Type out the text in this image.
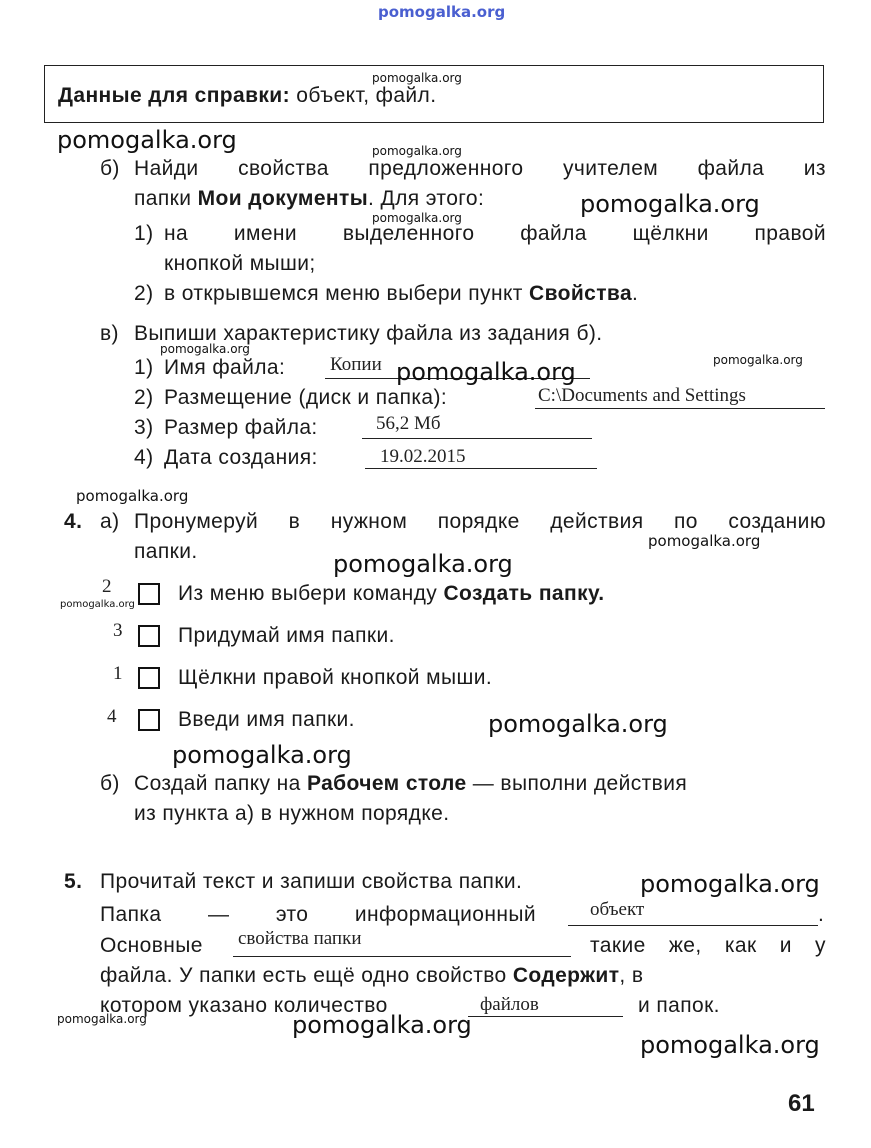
pomogalka.org
Данные для справки: объект, файл.
pomogalka.org
pomogalka.org	pomogalka.org
б) Найди свойства предложенного учителем файла из
папки Мои документы. Для этого:	pomogalka.org
pomogalka.org
1) на имени выделенного файла щёлкни правой
кнопкой мыши;
2) в открывшемся меню выбери пункт Свойства.
в) Выпиши характеристику файла из задания б).
pomogalka.org
pomogalka.org
1) Имя файла: Копии pomogalka.org
2) Размещение (диск и папка):	C:\Documents and Settings
3) Размер файла:	56,2 Мб
4) Дата создания:	19.02.2015
pomogalka.org
4. а) Пронумеруй в нужном порядке действия по созданию
папки.	pomogalka.org
pomogalka.org
2	Из меню выбери команду Создать папку.
pomogalka.org
3	Придумай имя папки.
1	Щёлкни правой кнопкой мыши.
4	Введи имя папки.	pomogalka.org
pomogalka.org
б) Создай папку на Рабочем столе — выполни действия
из пункта а) в нужном порядке.
5. Прочитай текст и запиши свойства папки.	pomogalka.org
Папка — это информационный	объект	.
Основные свойства папки	такие же, как и у
файла. У папки есть ещё одно свойство Содержит, в
котором указано количество	файлов	и папок.
pomogalka.org	pomogalka.org
pomogalka.org
61
